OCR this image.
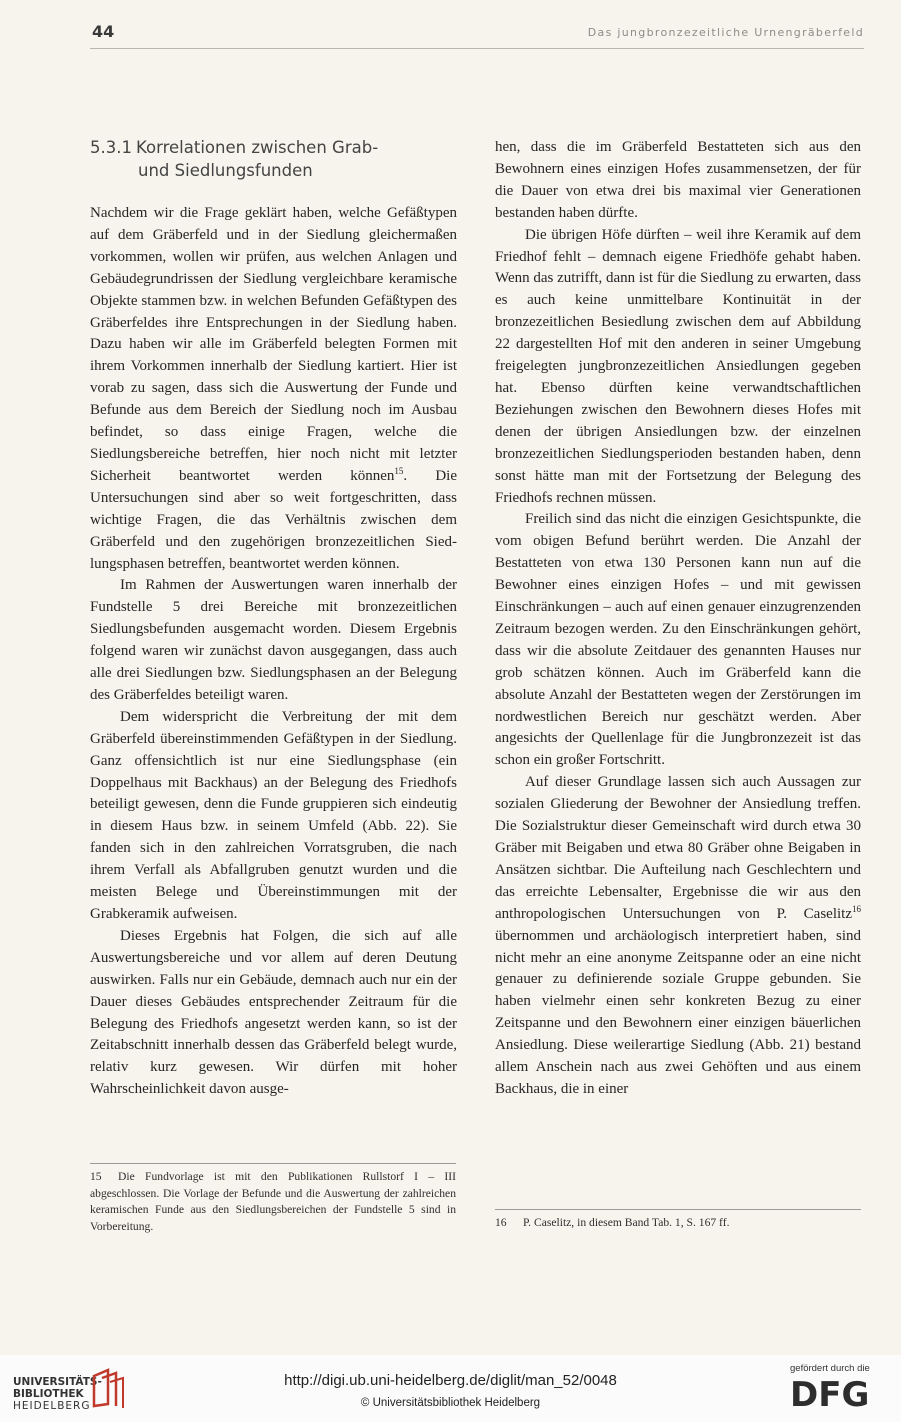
44	Das jungbronzezeitliche Urnengräberfeld
5.3.1 Korrelationen zwischen Grab-
und Siedlungsfunden

Nachdem wir die Frage geklärt haben, welche Gefäßtypen auf dem Gräberfeld und in der Siedlung gleichermaßen vorkommen, wollen wir prüfen, aus welchen Anlagen und Gebäudegrundrissen der Siedlung vergleichbare keramische Objekte stammen bzw. in welchen Befunden Gefäßtypen des Gräberfeldes ihre Entsprechungen in der Siedlung haben. Dazu haben wir alle im Gräberfeld belegten Formen mit ihrem Vorkommen innerhalb der Siedlung kartiert. Hier ist vorab zu sagen, dass sich die Auswertung der Funde und Befunde aus dem Bereich der Siedlung noch im Ausbau befindet, so dass einige Fragen, welche die Siedlungsbereiche betreffen, hier noch nicht mit letzter Sicherheit beantwortet werden können$^{15}$. Die Untersuchungen sind aber so weit fortgeschritten, dass wichtige Fragen, die das Verhältnis zwischen dem Gräberfeld und den zugehörigen bronzezeitlichen Siedlungsphasen betreffen, beantwortet werden können.

Im Rahmen der Auswertungen waren innerhalb der Fundstelle 5 drei Bereiche mit bronzezeitlichen Siedlungsbefunden ausgemacht worden. Diesem Ergebnis folgend waren wir zunächst davon ausgegangen, dass auch alle drei Siedlungen bzw. Siedlungsphasen an der Belegung des Gräberfeldes beteiligt waren.

Dem widerspricht die Verbreitung der mit dem Gräberfeld übereinstimmenden Gefäßtypen in der Siedlung. Ganz offensichtlich ist nur eine Siedlungsphase (ein Doppelhaus mit Backhaus) an der Belegung des Friedhofs beteiligt gewesen, denn die Funde gruppieren sich eindeutig in diesem Haus bzw. in seinem Umfeld (Abb. 22). Sie fanden sich in den zahlreichen Vorratsgruben, die nach ihrem Verfall als Abfallgruben genutzt wurden und die meisten Belege und Übereinstimmungen mit der Grabkeramik aufweisen.

Dieses Ergebnis hat Folgen, die sich auf alle Auswertungsbereiche und vor allem auf deren Deutung auswirken. Falls nur ein Gebäude, demnach auch nur ein der Dauer dieses Gebäudes entsprechender Zeitraum für die Belegung des Friedhofs angesetzt werden kann, so ist der Zeitabschnitt innerhalb dessen das Gräberfeld belegt wurde, relativ kurz gewesen. Wir dürfen mit hoher Wahrscheinlichkeit davon ausge-

hen, dass die im Gräberfeld Bestatteten sich aus den Bewohnern eines einzigen Hofes zusammensetzen, der für die Dauer von etwa drei bis maximal vier Generationen bestanden haben dürfte.

Die übrigen Höfe dürften – weil ihre Keramik auf dem Friedhof fehlt – demnach eigene Friedhöfe gehabt haben. Wenn das zutrifft, dann ist für die Siedlung zu erwarten, dass es auch keine unmittelbare Kontinuität in der bronzezeitlichen Besiedlung zwischen dem auf Abbildung 22 dargestellten Hof mit den anderen in seiner Umgebung freigelegten jungbronzezeitlichen Ansiedlungen gegeben hat. Ebenso dürften keine verwandtschaftlichen Beziehungen zwischen den Bewohnern dieses Hofes mit denen der übrigen Ansiedlungen bzw. der einzelnen bronzezeitlichen Siedlungsperioden bestanden haben, denn sonst hätte man mit der Fortsetzung der Belegung des Friedhofs rechnen müssen.

Freilich sind das nicht die einzigen Gesichtspunkte, die vom obigen Befund berührt werden. Die Anzahl der Bestatteten von etwa 130 Personen kann nun auf die Bewohner eines einzigen Hofes – und mit gewissen Einschränkungen – auch auf einen genauer einzugrenzenden Zeitraum bezogen werden. Zu den Einschränkungen gehört, dass wir die absolute Zeitdauer des genannten Hauses nur grob schätzen können. Auch im Gräberfeld kann die absolute Anzahl der Bestatteten wegen der Zerstörungen im nordwestlichen Bereich nur geschätzt werden. Aber angesichts der Quellenlage für die Jungbronzezeit ist das schon ein großer Fortschritt.

Auf dieser Grundlage lassen sich auch Aussagen zur sozialen Gliederung der Bewohner der Ansiedlung treffen. Die Sozialstruktur dieser Gemeinschaft wird durch etwa 30 Gräber mit Beigaben und etwa 80 Gräber ohne Beigaben in Ansätzen sichtbar. Die Aufteilung nach Geschlechtern und das erreichte Lebensalter, Ergebnisse die wir aus den anthropologischen Untersuchungen von P. Caselitz$^{16}$ übernommen und archäologisch interpretiert haben, sind nicht mehr an eine anonyme Zeitspanne oder an eine nicht genauer zu definierende soziale Gruppe gebunden. Sie haben vielmehr einen sehr konkreten Bezug zu einer Zeitspanne und den Bewohnern einer einzigen bäuerlichen Ansiedlung. Diese weilerartige Siedlung (Abb. 21) bestand allem Anschein nach aus zwei Gehöften und aus einem Backhaus, die in einer

15 Die Fundvorlage ist mit den Publikationen Rullstorf I – III abgeschlossen. Die Vorlage der Befunde und die Auswertung der zahlreichen keramischen Funde aus den Siedlungsbereichen der Fundstelle 5 sind in Vorbereitung.	16 P. Caselitz, in diesem Band Tab. 1, S. 167 ff.
UNIVERSITÄTS-
BIBLIOTHEK
HEIDELBERG
http://digi.ub.uni-heidelberg.de/diglit/man_52/0048
© Universitätsbibliothek Heidelberg
gefördert durch die
DFG
